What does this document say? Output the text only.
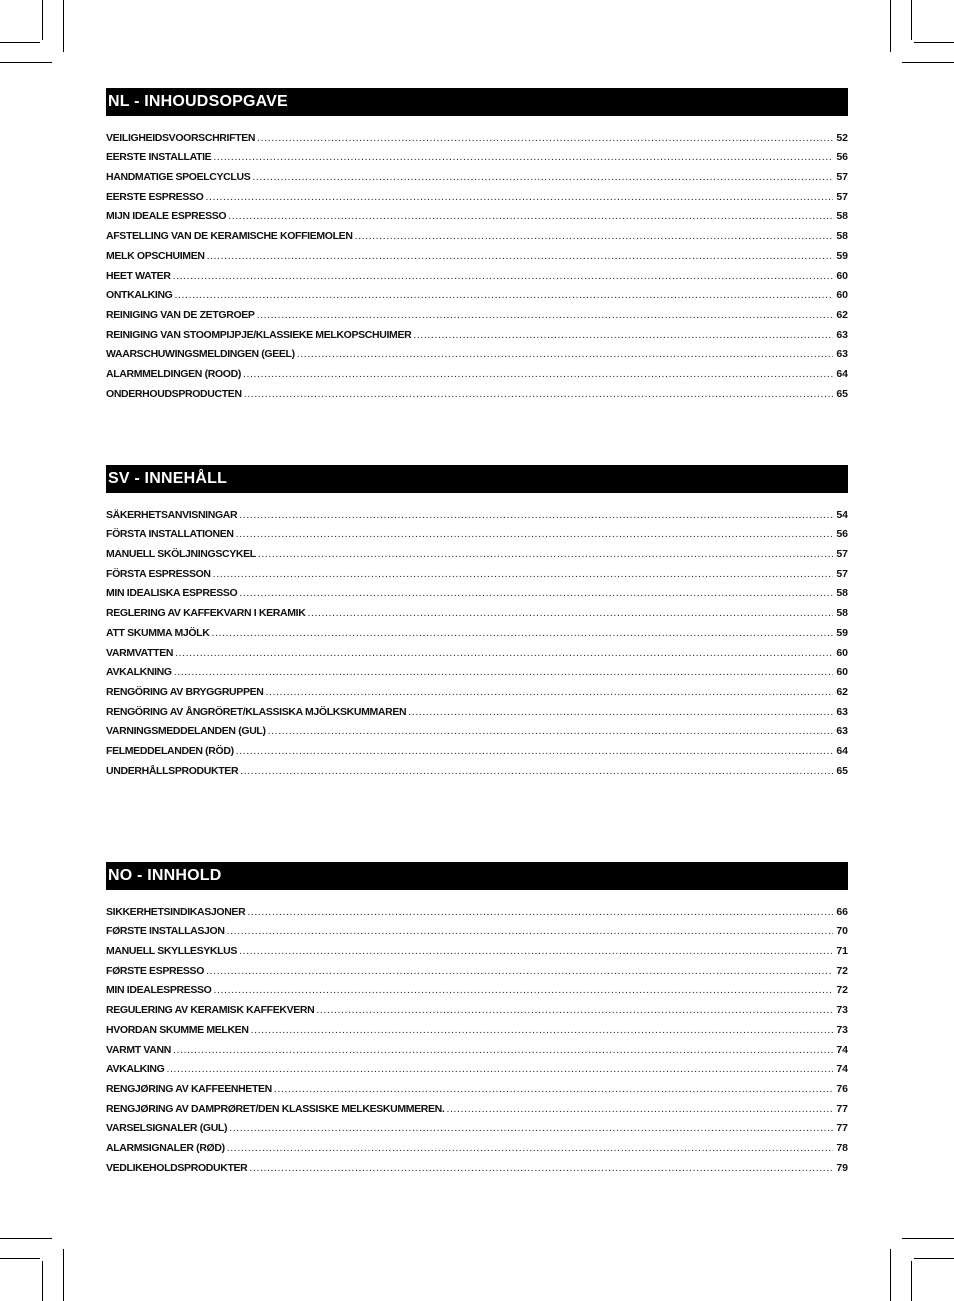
NL - INHOUDSOPGAVE
VEILIGHEIDSVOORSCHRIFTEN .....	52
EERSTE INSTALLATIE .....	56
HANDMATIGE SPOELCYCLUS .....	57
EERSTE ESPRESSO .....	57
MIJN IDEALE ESPRESSO .....	58
AFSTELLING VAN DE KERAMISCHE KOFFIEMOLEN .....	58
MELK OPSCHUIMEN .....	59
HEET WATER .....	60
ONTKALKING .....	60
REINIGING VAN DE ZETGROEP .....	62
REINIGING VAN STOOMPIJPJE/KLASSIEKE MELKOPSCHUIMER .....	63
WAARSCHUWINGSMELDINGEN (GEEL) .....	63
ALARMMELDINGEN (ROOD) .....	64
ONDERHOUDSPRODUCTEN .....	65
SV - INNEHÅLL
SÄKERHETSANVISNINGAR .....	54
FÖRSTA INSTALLATIONEN .....	56
MANUELL SKÖLJNINGSCYKEL .....	57
FÖRSTA ESPRESSON .....	57
MIN IDEALISKA ESPRESSO .....	58
REGLERING AV KAFFEKVARN I KERAMIK .....	58
ATT SKUMMA MJÖLK .....	59
VARMVATTEN .....	60
AVKALKNING .....	60
RENGÖRING AV BRYGGRUPPEN .....	62
RENGÖRING AV ÅNGRÖRET/KLASSISKA MJÖLKSKUMMAREN .....	63
VARNINGSMEDDELANDEN (GUL) .....	63
FELMEDDELANDEN (RÖD) .....	64
UNDERHÅLLSPRODUKTER .....	65
NO - INNHOLD
SIKKERHETSINDIKASJONER .....	66
FØRSTE INSTALLASJON .....	70
MANUELL SKYLLESYKLUS .....	71
FØRSTE ESPRESSO .....	72
MIN IDEALESPRESSO .....	72
REGULERING AV KERAMISK KAFFEKVERN .....	73
HVORDAN SKUMME MELKEN .....	73
VARMT VANN .....	74
AVKALKING .....	74
RENGJØRING AV KAFFEENHETEN .....	76
RENGJØRING AV DAMPRØRET/DEN KLASSISKE MELKESKUMMEREN. .....	77
VARSELSIGNALER (GUL) .....	77
ALARMSIGNALER (RØD) .....	78
VEDLIKEHOLDSPRODUKTER .....	79
